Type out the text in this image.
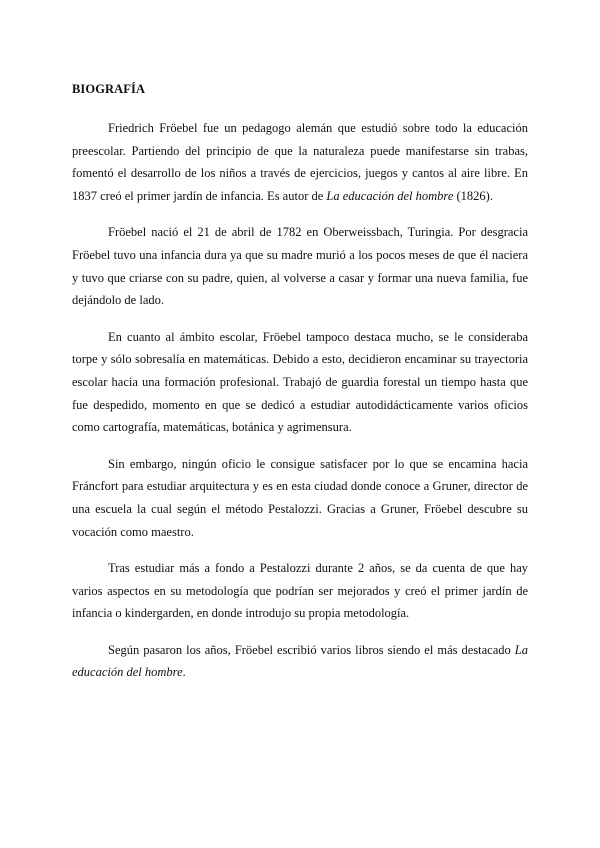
BIOGRAFÍA

Friedrich Fröebel fue un pedagogo alemán que estudió sobre todo la educación preescolar. Partiendo del principio de que la naturaleza puede manifestarse sin trabas, fomentó el desarrollo de los niños a través de ejercicios, juegos y cantos al aire libre. En 1837 creó el primer jardín de infancia. Es autor de La educación del hombre (1826).

Fröebel nació el 21 de abril de 1782 en Oberweissbach, Turingia. Por desgracia Fröebel tuvo una infancia dura ya que su madre murió a los pocos meses de que él naciera y tuvo que criarse con su padre, quien, al volverse a casar y formar una nueva familia, fue dejándolo de lado.

En cuanto al ámbito escolar, Fröebel tampoco destaca mucho, se le consideraba torpe y sólo sobresalía en matemáticas. Debido a esto, decidieron encaminar su trayectoria escolar hacia una formación profesional. Trabajó de guardia forestal un tiempo hasta que fue despedido, momento en que se dedicó a estudiar autodidácticamente varios oficios como cartografía, matemáticas, botánica y agrimensura.

Sin embargo, ningún oficio le consigue satisfacer por lo que se encamina hacia Fráncfort para estudiar arquitectura y es en esta ciudad donde conoce a Gruner, director de una escuela la cual según el método Pestalozzi. Gracias a Gruner, Fröebel descubre su vocación como maestro.

Tras estudiar más a fondo a Pestalozzi durante 2 años, se da cuenta de que hay varios aspectos en su metodología que podrían ser mejorados y creó el primer jardín de infancia o kindergarden, en donde introdujo su propia metodología.

Según pasaron los años, Fröebel escribió varios libros siendo el más destacado La educación del hombre.
